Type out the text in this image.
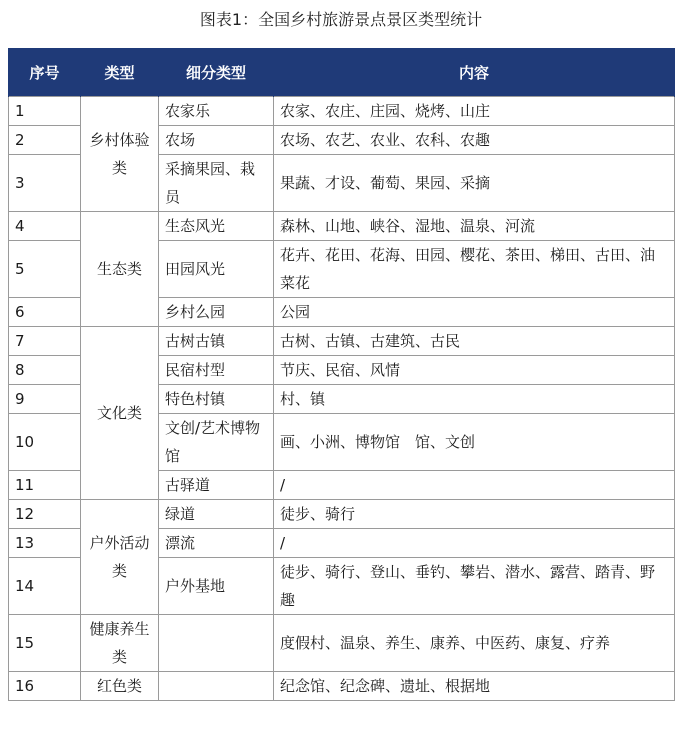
图表1：全国乡村旅游景点景区类型统计
序号	类型	细分类型	内容
1	乡村体验类	农家乐	农家、农庄、庄园、烧烤、山庄
2		农场	农场、农艺、农业、农科、农趣
3		采摘果园、栽员	果蔬、才设、葡萄、果园、采摘
4	生态类	生态风光	森林、山地、峡谷、湿地、温泉、河流
5		田园风光	花卉、花田、花海、田园、樱花、茶田、梯田、古田、油菜花
6		乡村么园	公园
7	文化类	古树古镇	古树、古镇、古建筑、古民
8		民宿村型	节庆、民宿、风情
9		特色村镇	村、镇
10		文创/艺术博物馆	画、小洲、博物馆　馆、文创
11		古驿道	/
12	户外活动类	绿道	徒步、骑行
13		漂流	/
14		户外基地	徒步、骑行、登山、垂钓、攀岩、潜水、露营、踏青、野趣
15	健康养生类		度假村、温泉、养生、康养、中医药、康复、疗养
16	红色类		纪念馆、纪念碑、遗址、根据地
